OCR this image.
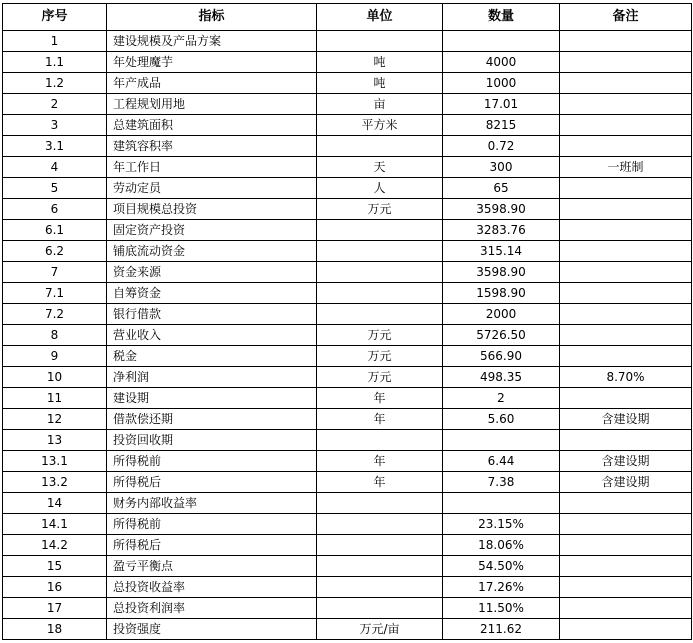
序号	指标	单位	数量	备注
1	建设规模及产品方案			
1.1	年处理魔芋	吨	4000	
1.2	年产成品	吨	1000	
2	工程规划用地	亩	17.01	
3	总建筑面积	平方米	8215	
3.1	建筑容积率		0.72	
4	年工作日	天	300	一班制
5	劳动定员	人	65	
6	项目规模总投资	万元	3598.90	
6.1	固定资产投资		3283.76	
6.2	铺底流动资金		315.14	
7	资金来源		3598.90	
7.1	自筹资金		1598.90	
7.2	银行借款		2000	
8	营业收入	万元	5726.50	
9	税金	万元	566.90	
10	净利润	万元	498.35	8.70%
11	建设期	年	2	
12	借款偿还期	年	5.60	含建设期
13	投资回收期			
13.1	所得税前	年	6.44	含建设期
13.2	所得税后	年	7.38	含建设期
14	财务内部收益率			
14.1	所得税前		23.15%	
14.2	所得税后		18.06%	
15	盈亏平衡点		54.50%	
16	总投资收益率		17.26%	
17	总投资利润率		11.50%	
18	投资强度	万元/亩	211.62	
